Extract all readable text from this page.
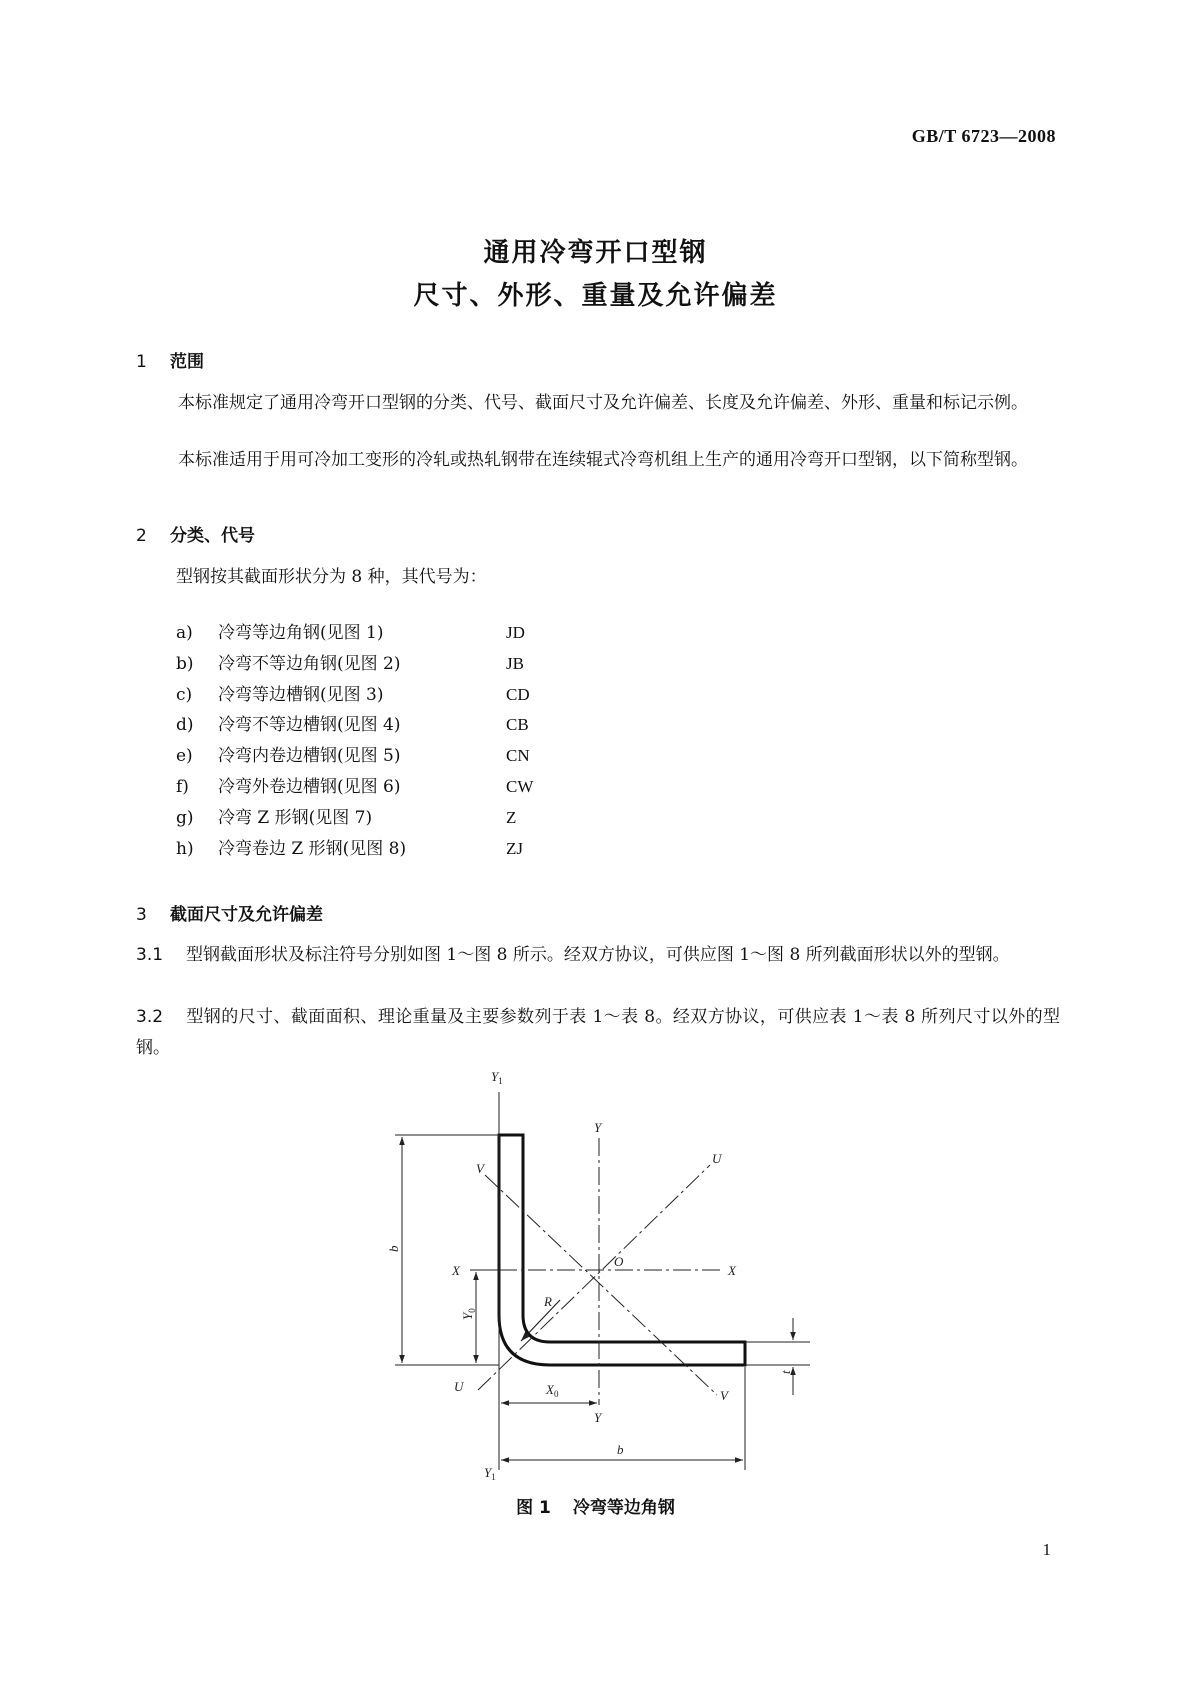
GB/T 6723—2008
通用冷弯开口型钢
尺寸、外形、重量及允许偏差
1 范围
本标准规定了通用冷弯开口型钢的分类、代号、截面尺寸及允许偏差、长度及允许偏差、外形、重量和标记示例。
本标准适用于用可冷加工变形的冷轧或热轧钢带在连续辊式冷弯机组上生产的通用冷弯开口型钢，以下简称型钢。
2 分类、代号
型钢按其截面形状分为 8 种，其代号为：
a) 冷弯等边角钢(见图 1)	JD
b) 冷弯不等边角钢(见图 2)	JB
c) 冷弯等边槽钢(见图 3)	CD
d) 冷弯不等边槽钢(见图 4)	CB
e) 冷弯内卷边槽钢(见图 5)	CN
f) 冷弯外卷边槽钢(见图 6)	CW
g) 冷弯 Z 形钢(见图 7)	Z
h) 冷弯卷边 Z 形钢(见图 8)	ZJ
3 截面尺寸及允许偏差
3.1 型钢截面形状及标注符号分别如图 1～图 8 所示。经双方协议，可供应图 1～图 8 所列截面形状以外的型钢。
3.2 型钢的尺寸、截面面积、理论重量及主要参数列于表 1～表 8。经双方协议，可供应表 1～表 8 所列尺寸以外的型钢。
$Y_1$
Y
V
U
b
X
O
X
$Y_0$
R
U	$X_0$
Y
V
t
b
$Y_1$
图 1 冷弯等边角钢
1
